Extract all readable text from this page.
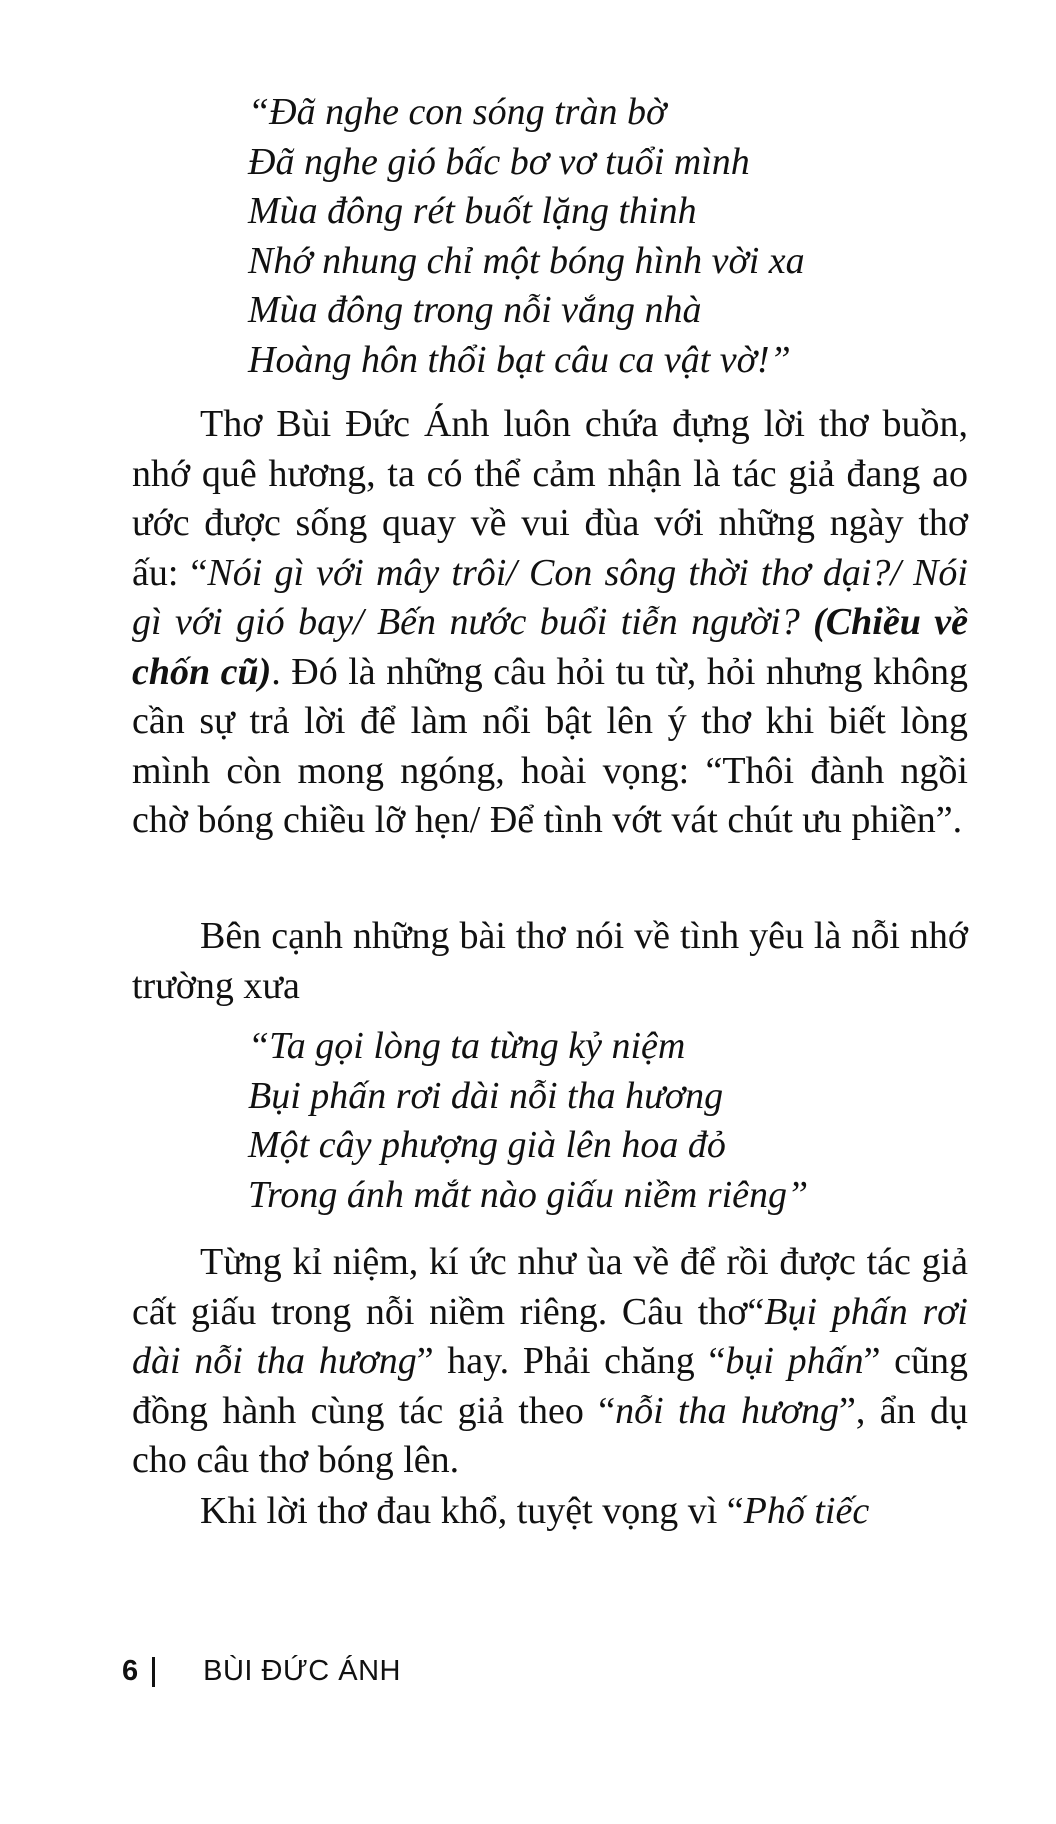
“Đã nghe con sóng tràn bờ
Đã nghe gió bấc bơ vơ tuổi mình
Mùa đông rét buốt lặng thinh
Nhớ nhung chỉ một bóng hình vời xa
Mùa đông trong nỗi vắng nhà
Hoàng hôn thổi bạt câu ca vật vờ!”

Thơ Bùi Đức Ánh luôn chứa đựng lời thơ buồn, nhớ quê hương, ta có thể cảm nhận là tác giả đang ao ước được sống quay về vui đùa với những ngày thơ ấu: “Nói gì với mây trôi/ Con sông thời thơ dại?/ Nói gì với gió bay/ Bến nước buổi tiễn người? (Chiều về chốn cũ). Đó là những câu hỏi tu từ, hỏi nhưng không cần sự trả lời để làm nổi bật lên ý thơ khi biết lòng mình còn mong ngóng, hoài vọng: “Thôi đành ngồi chờ bóng chiều lỡ hẹn/ Để tình vớt vát chút ưu phiền”.

Bên cạnh những bài thơ nói về tình yêu là nỗi nhớ trường xưa

“Ta gọi lòng ta từng kỷ niệm
Bụi phấn rơi dài nỗi tha hương
Một cây phượng già lên hoa đỏ
Trong ánh mắt nào giấu niềm riêng”

Từng kỉ niệm, kí ức như ùa về để rồi được tác giả cất giấu trong nỗi niềm riêng. Câu thơ“Bụi phấn rơi dài nỗi tha hương” hay. Phải chăng “bụi phấn” cũng đồng hành cùng tác giả theo “nỗi tha hương”, ẩn dụ cho câu thơ bóng lên.

Khi lời thơ đau khổ, tuyệt vọng vì “Phố tiếc

6 BÙI ĐỨC ÁNH
